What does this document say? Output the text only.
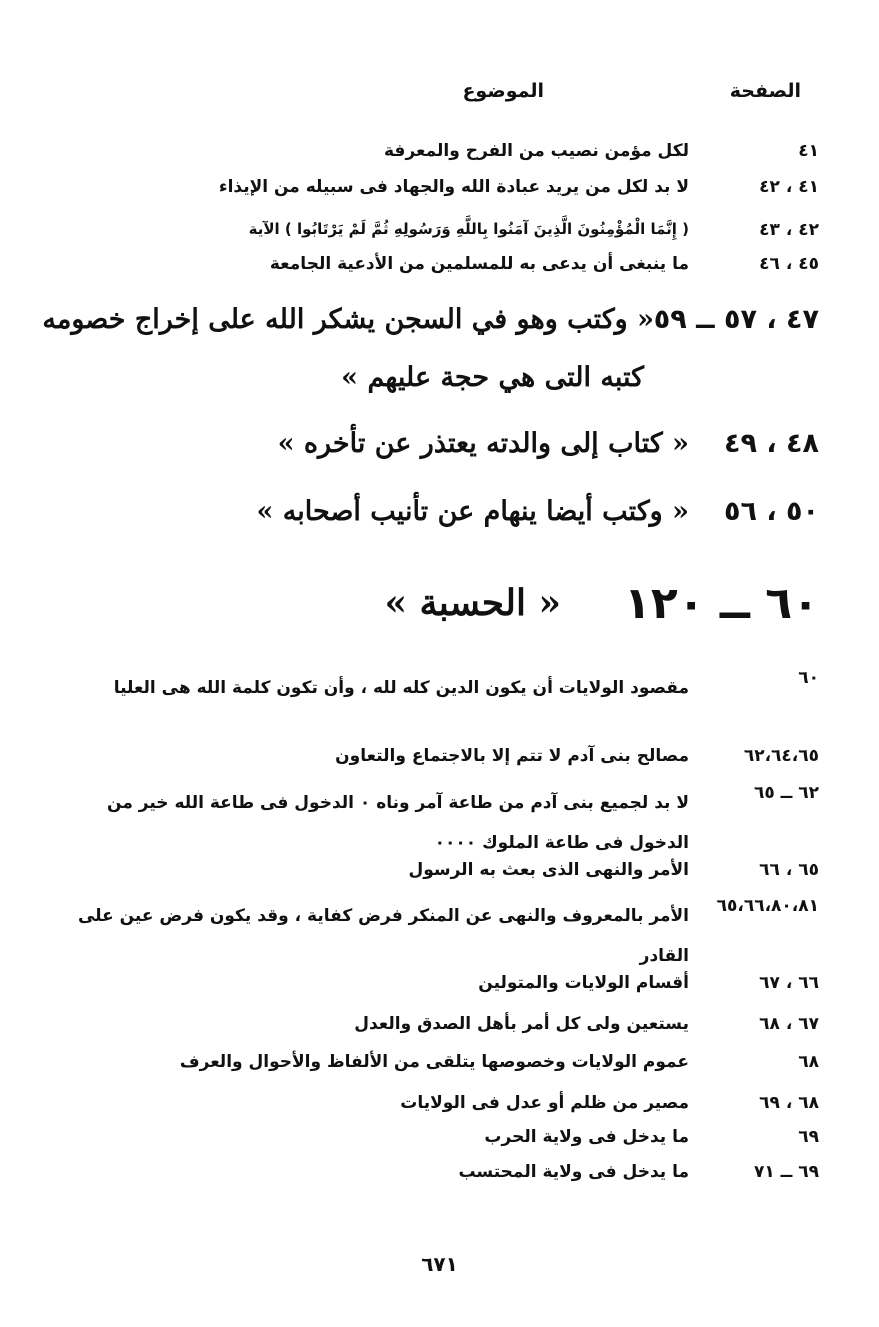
الصفحة
الموضوع
٤١
لكل مؤمن نصيب من الفرح والمعرفة
٤١ ، ٤٢
لا بد لكل من يريد عبادة الله والجهاد فى سبيله من الإيذاء
٤٢ ، ٤٣
( إِنَّمَا الْمُؤْمِنُونَ الَّذِينَ آمَنُوا بِاللَّهِ وَرَسُولِهِ ثُمَّ لَمْ يَرْتَابُوا ) الآية
٤٥ ، ٤٦
ما ينبغى أن يدعى به للمسلمين من الأدعية الجامعة
٤٧ ، ٥٧ ــ ٥٩
« وكتب وهو في السجن يشكر الله على إخراج خصومه
كتبه التى هي حجة عليهم »
٤٨ ، ٤٩
« كتاب إلى والدته يعتذر عن تأخره »
٥٠ ، ٥٦
« وكتب أيضا ينهام عن تأنيب أصحابه »
٦٠ ــ ١٢٠
« الحسبة »
٦٠
مقصود الولايات أن يكون الدين كله لله ، وأن تكون كلمة الله هى العليا
٦٢،٦٤،٦٥
مصالح بنى آدم لا تتم إلا بالاجتماع والتعاون
٦٢ ــ ٦٥
لا بد لجميع بنى آدم من طاعة آمر وناه ٠ الدخول فى طاعة الله خير من الدخول فى طاعة الملوك ٠٠٠٠
٦٥ ، ٦٦
الأمر والنهى الذى بعث به الرسول
٦٥،٦٦،٨٠،٨١
الأمر بالمعروف والنهى عن المنكر فرض كفاية ، وقد يكون فرض عين على القادر
٦٦ ، ٦٧
أقسام الولايات والمتولين
٦٧ ، ٦٨
يستعين ولى كل أمر بأهل الصدق والعدل
٦٨
عموم الولايات وخصوصها يتلقى من الألفاظ والأحوال والعرف
٦٨ ، ٦٩
مصير من ظلم أو عدل فى الولايات
٦٩
ما يدخل فى ولاية الحرب
٦٩ ــ ٧١
ما يدخل فى ولاية المحتسب
٦٧١
